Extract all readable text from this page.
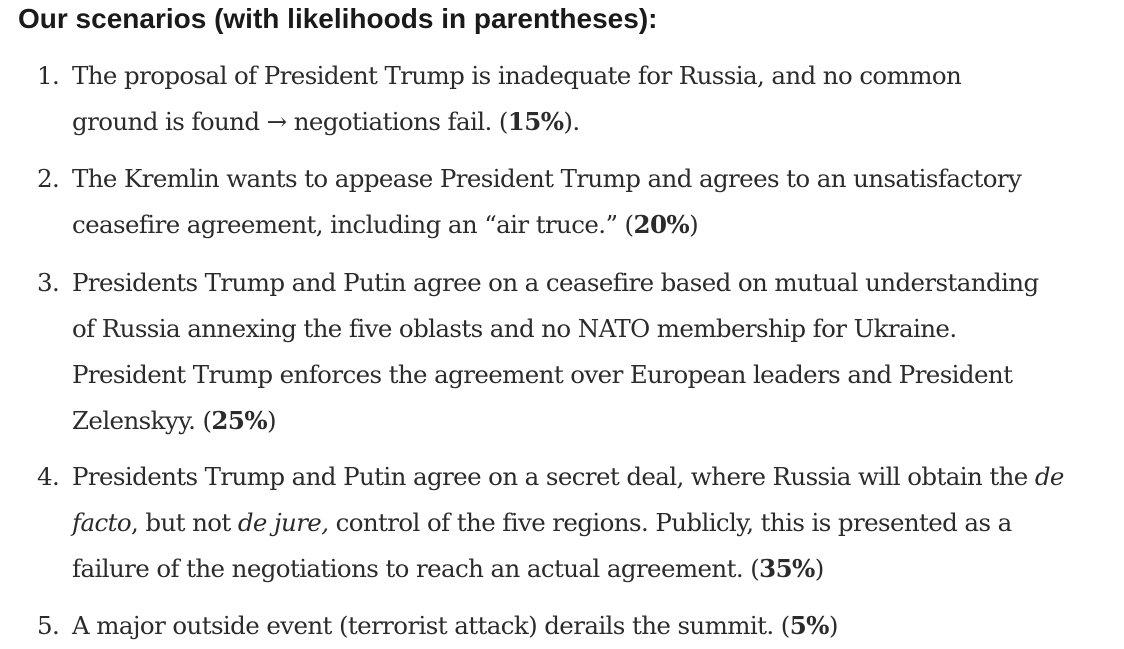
Our scenarios (with likelihoods in parentheses):
1. The proposal of President Trump is inadequate for Russia, and no common
ground is found → negotiations fail. (15%).
2. The Kremlin wants to appease President Trump and agrees to an unsatisfactory
ceasefire agreement, including an “air truce.” (20%)
3. Presidents Trump and Putin agree on a ceasefire based on mutual understanding
of Russia annexing the five oblasts and no NATO membership for Ukraine.
President Trump enforces the agreement over European leaders and President
Zelenskyy. (25%)
4. Presidents Trump and Putin agree on a secret deal, where Russia will obtain the de
facto, but not de jure, control of the five regions. Publicly, this is presented as a
failure of the negotiations to reach an actual agreement. (35%)
5. A major outside event (terrorist attack) derails the summit. (5%)
